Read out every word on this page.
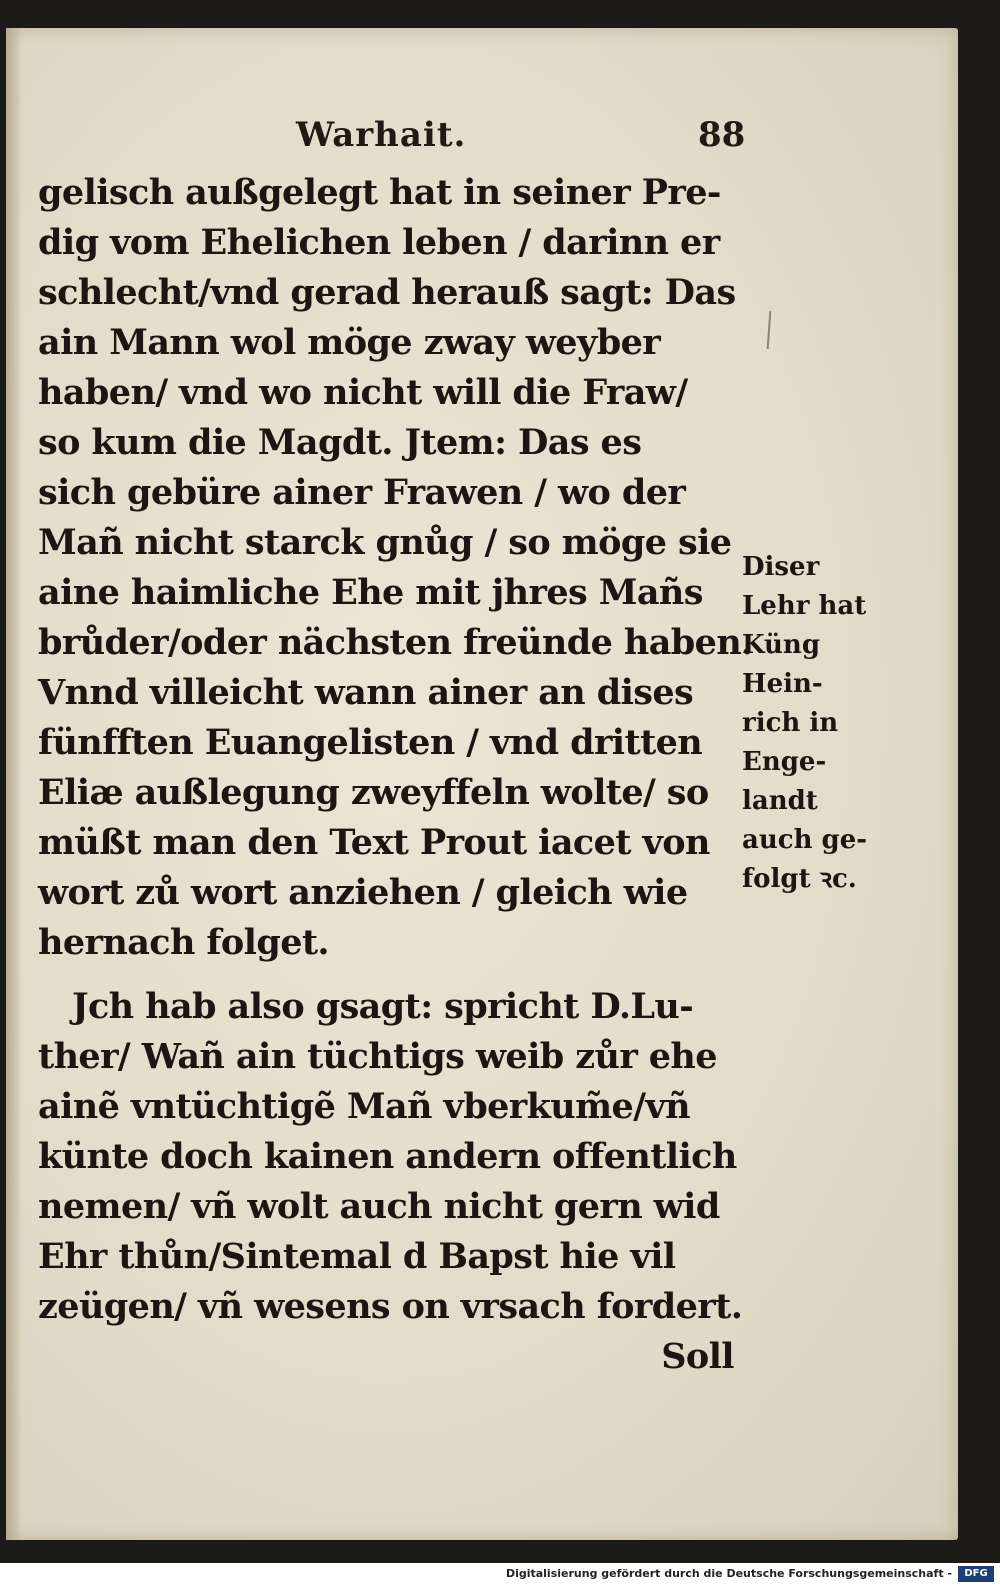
Warhait.	88
gelisch außgelegt hat in seiner Pre-
dig vom Ehelichen leben / darinn er
schlecht/vnd gerad herauß sagt: Das
ain Mann wol möge zway weyber
haben/ vnd wo nicht will die Fraw/
so kum die Magdt. Jtem: Das es
sich gebüre ainer Frawen / wo der
Mañ nicht starck gnůg / so möge sie
aine haimliche Ehe mit jhres Mañs
brůder/oder nächsten freünde haben.
Vnnd villeicht wann ainer an dises
fünfften Euangelisten / vnd dritten
Eliæ außlegung zweyffeln wolte/ so
müßt man den Text Prout iacet von
wort zů wort anziehen / gleich wie
hernach folget.
Jch hab also gsagt: spricht D.Lu-
ther/ Wañ ain tüchtigs weib zůr ehe
ainẽ vntüchtigẽ Mañ vberkum̃e/vñ
künte doch kainen andern offentlich
nemen/ vñ wolt auch nicht gern wid
Ehr thůn/Sintemal d Bapst hie vil
zeügen/ vñ wesens on vrsach fordert.
Soll
Diser
Lehr hat
Küng
Hein-
rich in
Enge-
landt
auch ge-
folgt ꝛc.
Digitalisierung gefördert durch die Deutsche Forschungsgemeinschaft -	DFG
